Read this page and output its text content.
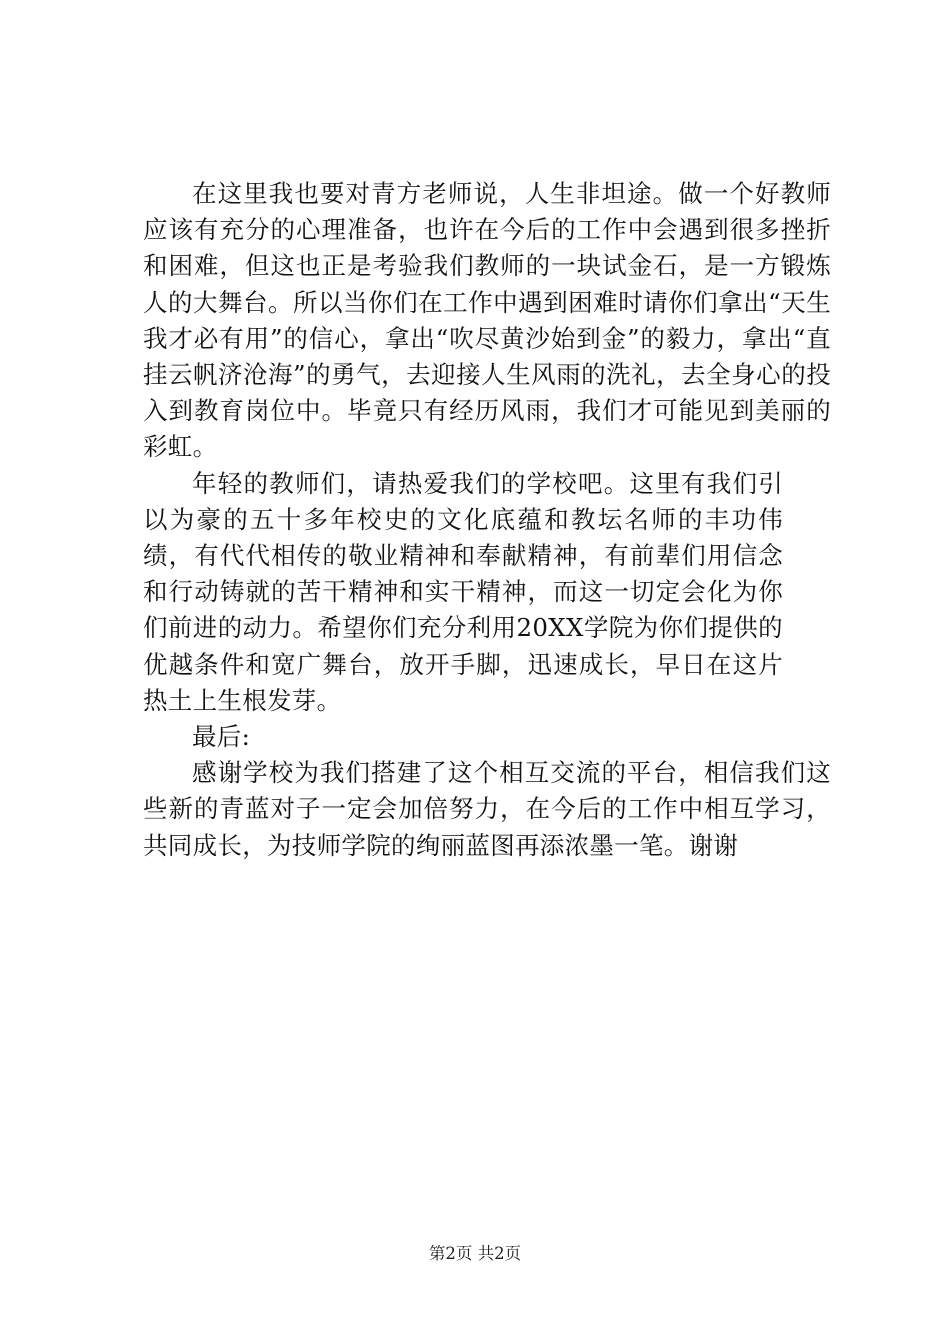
在这里我也要对青方老师说，人生非坦途。做一个好教师应该有充分的心理准备，也许在今后的工作中会遇到很多挫折和困难，但这也正是考验我们教师的一块试金石，是一方锻炼人的大舞台。所以当你们在工作中遇到困难时请你们拿出“天生我才必有用”的信心，拿出“吹尽黄沙始到金”的毅力，拿出“直挂云帆济沧海”的勇气，去迎接人生风雨的洗礼，去全身心的投入到教育岗位中。毕竟只有经历风雨，我们才可能见到美丽的彩虹。

年轻的教师们，请热爱我们的学校吧。这里有我们引以为豪的五十多年校史的文化底蕴和教坛名师的丰功伟绩，有代代相传的敬业精神和奉献精神，有前辈们用信念和行动铸就的苦干精神和实干精神，而这一切定会化为你们前进的动力。希望你们充分利用20XX学院为你们提供的优越条件和宽广舞台，放开手脚，迅速成长，早日在这片热土上生根发芽。

最后:

感谢学校为我们搭建了这个相互交流的平台，相信我们这些新的青蓝对子一定会加倍努力，在今后的工作中相互学习，共同成长，为技师学院的绚丽蓝图再添浓墨一笔。谢谢

第2页 共2页
